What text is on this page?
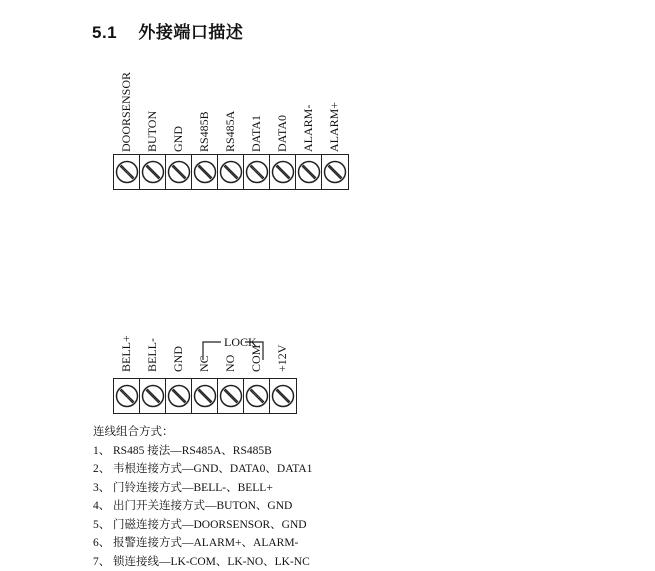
5.1 外接端口描述
DOORSENSOR BUTON GND RS485B RS485A DATA1 DATA0 ALARM- ALARM+
BELL+ BELL- GND NC NO COM +12V
LOCK
连线组合方式：
1、 RS485 接法—RS485A、RS485B
2、 韦根连接方式—GND、DATA0、DATA1
3、 门铃连接方式—BELL-、BELL+
4、 出门开关连接方式—BUTON、GND
5、 门磁连接方式—DOORSENSOR、GND
6、 报警连接方式—ALARM+、ALARM-
7、 锁连接线—LK-COM、LK-NO、LK-NC
